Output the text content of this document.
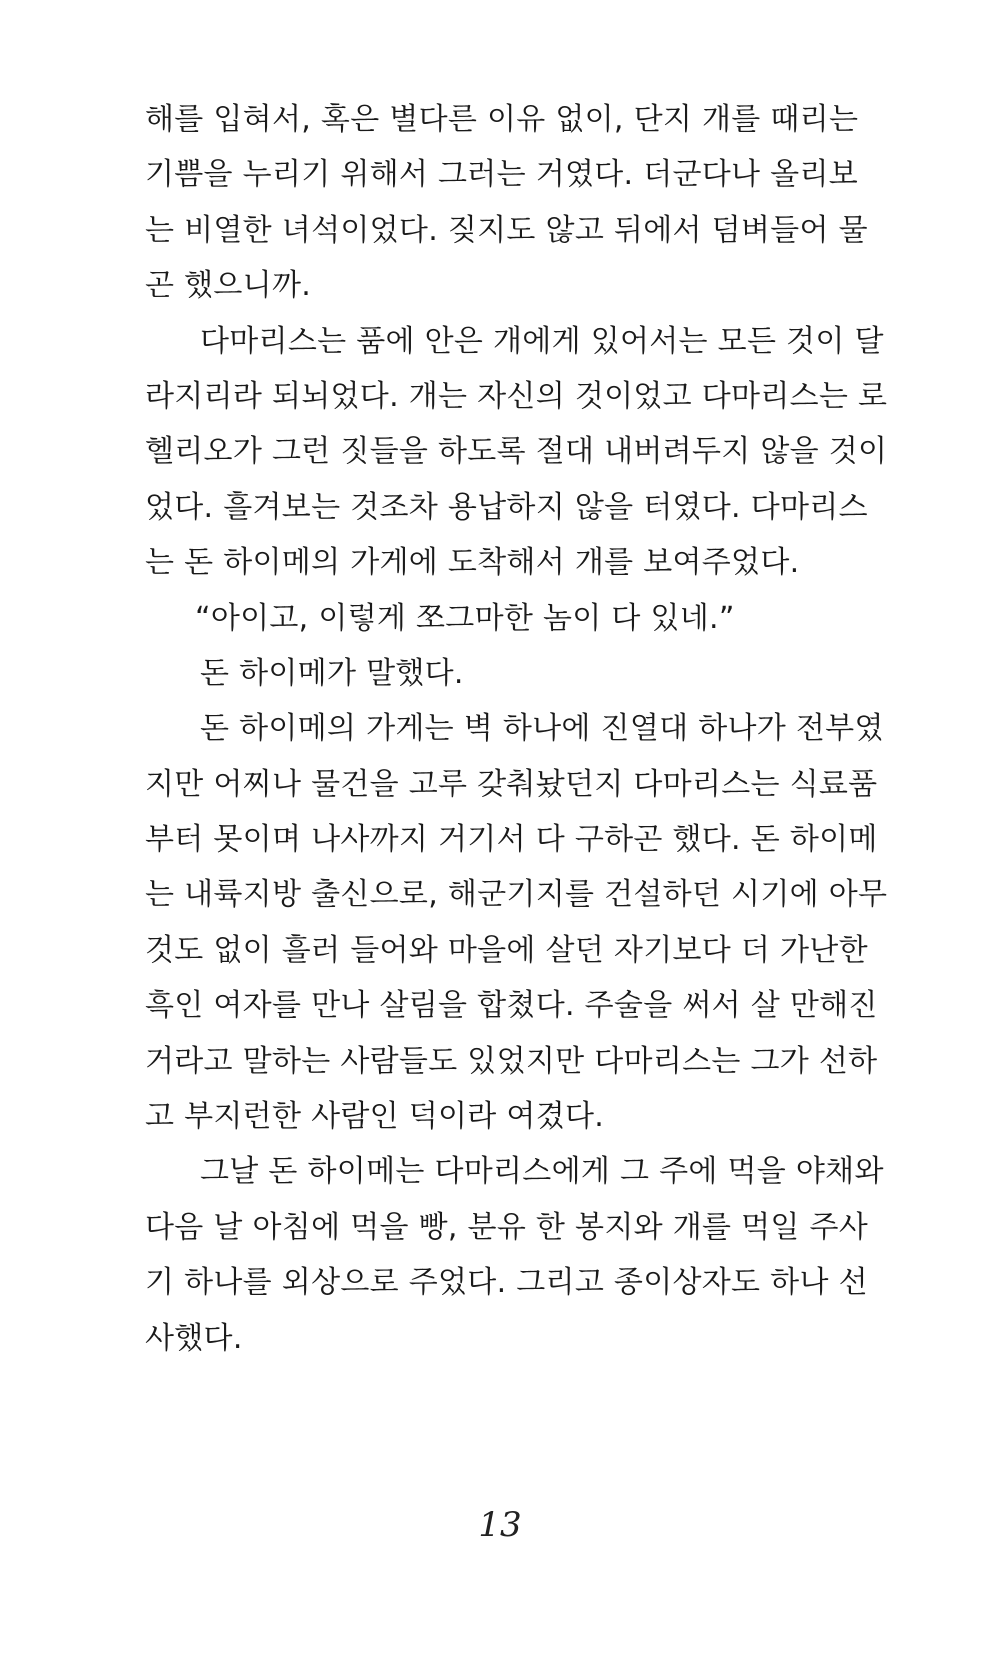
해를 입혀서, 혹은 별다른 이유 없이, 단지 개를 때리는
기쁨을 누리기 위해서 그러는 거였다. 더군다나 올리보
는 비열한 녀석이었다. 짖지도 않고 뒤에서 덤벼들어 물
곤 했으니까.
다마리스는 품에 안은 개에게 있어서는 모든 것이 달
라지리라 되뇌었다. 개는 자신의 것이었고 다마리스는 로
헬리오가 그런 짓들을 하도록 절대 내버려두지 않을 것이
었다. 흘겨보는 것조차 용납하지 않을 터였다. 다마리스
는 돈 하이메의 가게에 도착해서 개를 보여주었다.
“아이고, 이렇게 쪼그마한 놈이 다 있네.”
돈 하이메가 말했다.
돈 하이메의 가게는 벽 하나에 진열대 하나가 전부였
지만 어찌나 물건을 고루 갖춰놨던지 다마리스는 식료품
부터 못이며 나사까지 거기서 다 구하곤 했다. 돈 하이메
는 내륙지방 출신으로, 해군기지를 건설하던 시기에 아무
것도 없이 흘러 들어와 마을에 살던 자기보다 더 가난한
흑인 여자를 만나 살림을 합쳤다. 주술을 써서 살 만해진
거라고 말하는 사람들도 있었지만 다마리스는 그가 선하
고 부지런한 사람인 덕이라 여겼다.
그날 돈 하이메는 다마리스에게 그 주에 먹을 야채와
다음 날 아침에 먹을 빵, 분유 한 봉지와 개를 먹일 주사
기 하나를 외상으로 주었다. 그리고 종이상자도 하나 선
사했다.
13
